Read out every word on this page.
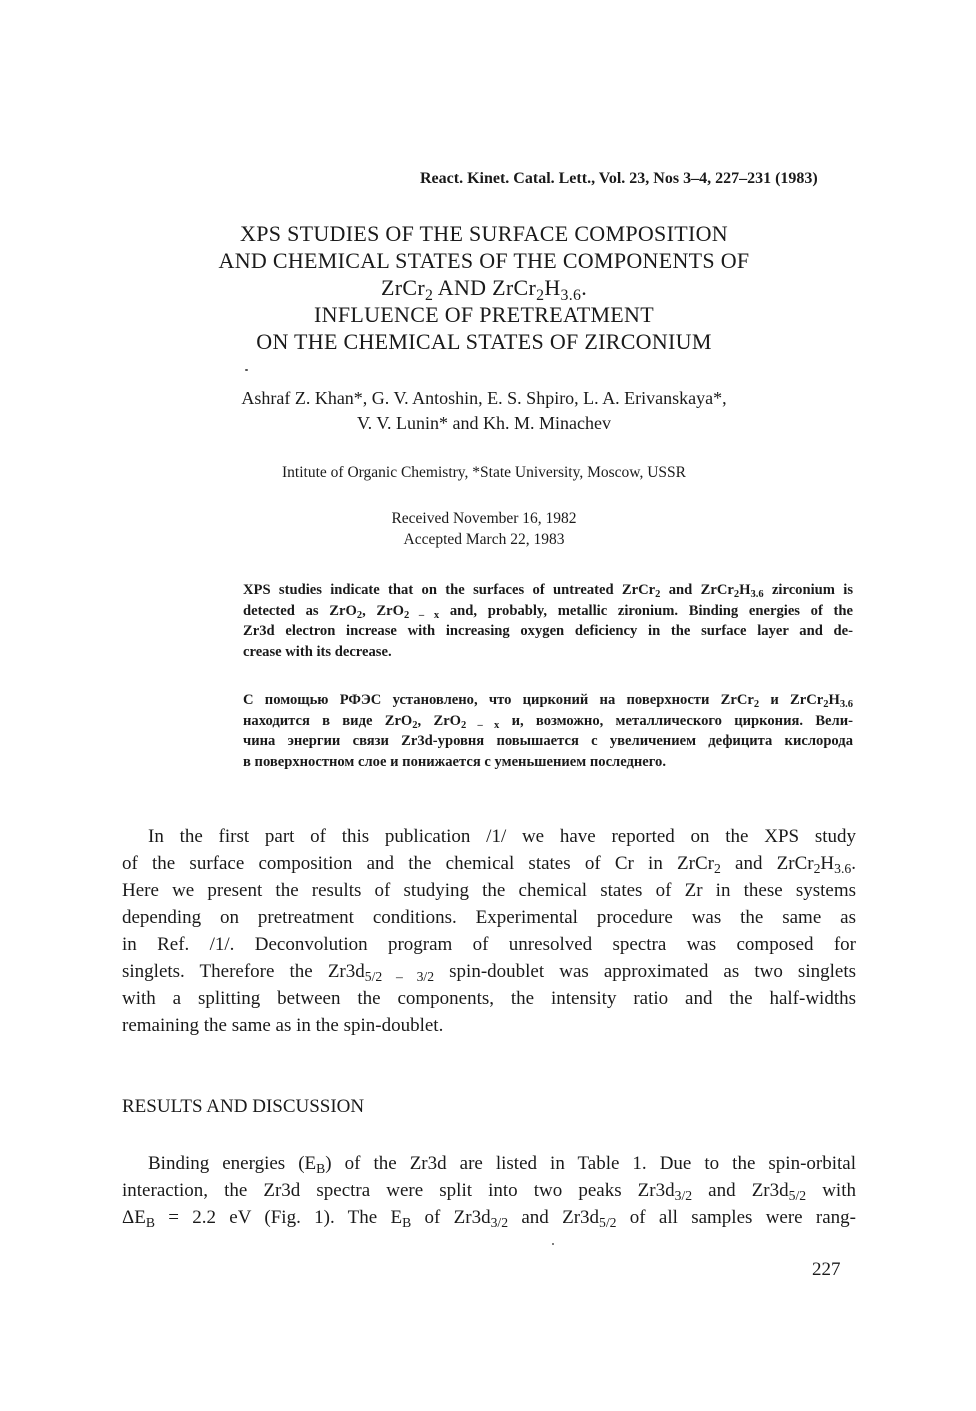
React. Kinet. Catal. Lett., Vol. 23, Nos 3–4, 227–231 (1983)
XPS STUDIES OF THE SURFACE COMPOSITION
AND CHEMICAL STATES OF THE COMPONENTS OF
ZrCr$_2$ AND $ZrCr_2H_{3.6}$.
INFLUENCE OF PRETREATMENT
ON THE CHEMICAL STATES OF ZIRCONIUM
Ashraf Z. Khan*, G. V. Antoshin, E. S. Shpiro, L. A. Erivanskaya*,
V. V. Lunin* and Kh. M. Minachev
Intitute of Organic Chemistry, *State University, Moscow, USSR
Received November 16, 1982
Accepted March 22, 1983
XPS studies indicate that on the surfaces of untreated ZrCr$_2$ and $ZrCr_2H_{3.6}$ zirconium is
detected as ZrO$_2$, ZrO$_{2 - x}$ and, probably, metallic zironium. Binding energies of the
Zr3d electron increase with increasing oxygen deficiency in the surface layer and de-
crease with its decrease.
С помощью РФЭС установлено, что цирконий на поверхности ZrCr$_2$ и $ZrCr_2H_{3.6}$
находится в виде ZrO$_2$, ZrO$_{2 - x}$ и, возможно, металлического циркония. Вели-
чина энергии связи Zr3d-уровня повышается с увеличением дефицита кислорода
в поверхностном слое и понижается с уменьшением последнего.
In the first part of this publication /1/ we have reported on the XPS study
of the surface composition and the chemical states of Cr in ZrCr$_2$ and $ZrCr_2H_{3.6}$.
Here we present the results of studying the chemical states of Zr in these systems
depending on pretreatment conditions. Experimental procedure was the same as
in Ref. /1/. Deconvolution program of unresolved spectra was composed for
singlets. Therefore the $Zr3d_{5/2 - 3/2}$ spin-doublet was approximated as two singlets
with a splitting between the components, the intensity ratio and the half-widths
remaining the same as in the spin-doublet.
RESULTS AND DISCUSSION
Binding energies $(E_B)$ of the Zr3d are listed in Table 1. Due to the spin-orbital
interaction, the Zr3d spectra were split into two peaks $Zr3d_{3/2}$ and $Zr3d_{5/2}$ with
$\Delta E_B = 2.2$ eV (Fig. 1). The $E_B$ of $Zr3d_{3/2}$ and $Zr3d_{5/2}$ of all samples were rang-
227
